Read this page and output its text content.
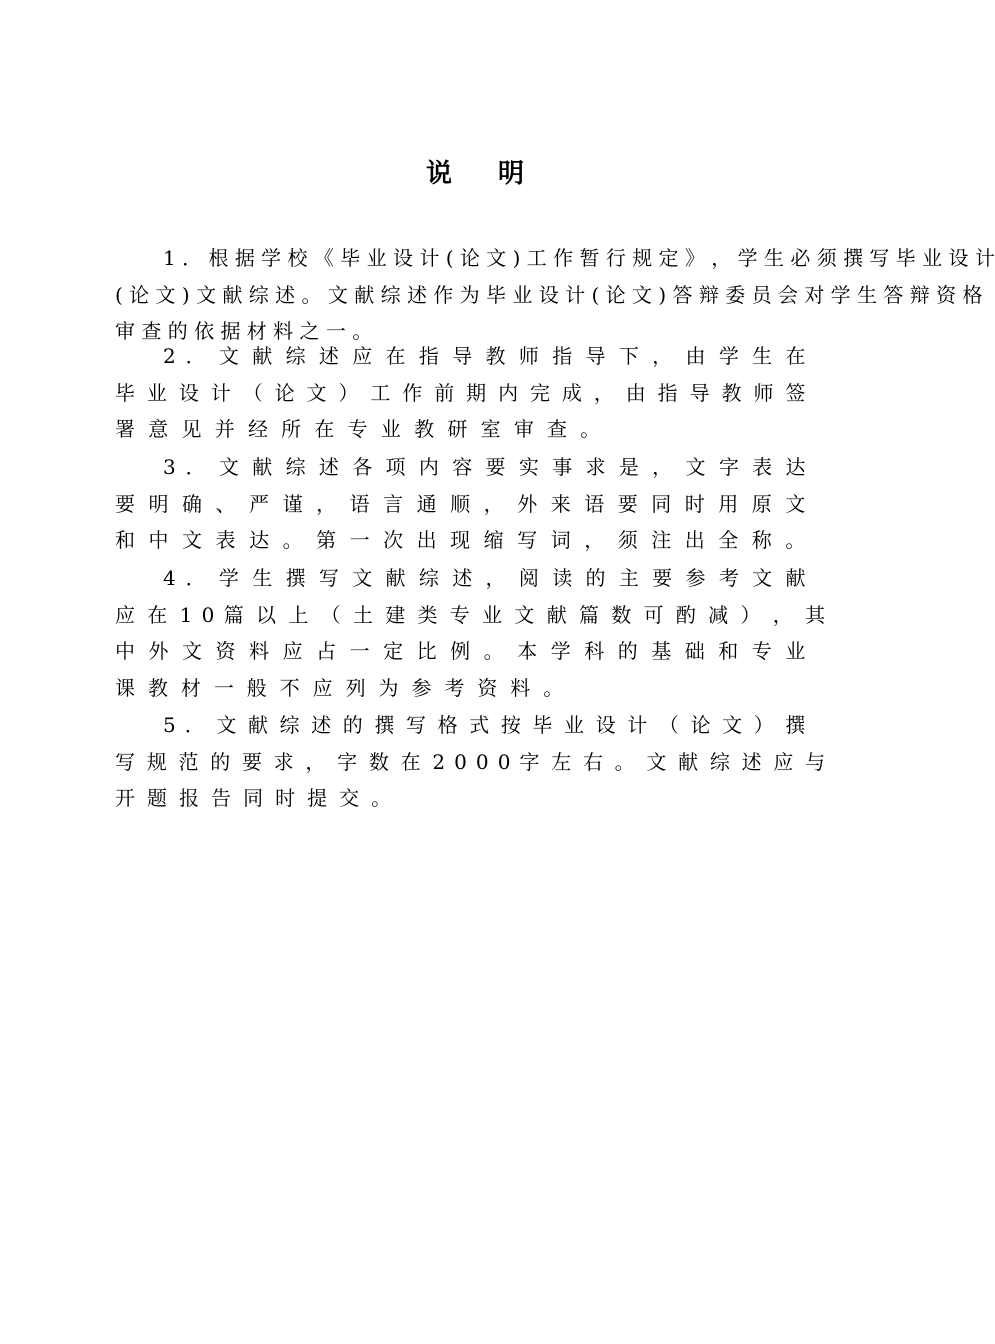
说 明
1 ． 根 据 学 校 《 毕 业 设 计 ( 论 文 ) 工 作 暂 行 规 定 》 ， 学 生 必 须 撰 写 毕 业 设 计
( 论 文 ) 文 献 综 述 。 文 献 综 述 作 为 毕 业 设 计 ( 论 文 ) 答 辩 委 员 会 对 学 生 答 辩 资 格
审 查 的 依 据 材 料 之 一 。
2 ． 文 献 综 述 应 在 指 导 教 师 指 导 下 ， 由 学 生 在
毕 业 设 计 （ 论 文 ） 工 作 前 期 内 完 成 ， 由 指 导 教 师 签
署 意 见 并 经 所 在 专 业 教 研 室 审 查 。
3 ． 文 献 综 述 各 项 内 容 要 实 事 求 是 ， 文 字 表 达
要 明 确 、 严 谨 ， 语 言 通 顺 ， 外 来 语 要 同 时 用 原 文
和 中 文 表 达 。 第 一 次 出 现 缩 写 词 ， 须 注 出 全 称 。
4 ． 学 生 撰 写 文 献 综 述 ， 阅 读 的 主 要 参 考 文 献
应 在 1 0 篇 以 上 （ 土 建 类 专 业 文 献 篇 数 可 酌 减 ） ， 其
中 外 文 资 料 应 占 一 定 比 例 。 本 学 科 的 基 础 和 专 业
课 教 材 一 般 不 应 列 为 参 考 资 料 。
5 ． 文 献 综 述 的 撰 写 格 式 按 毕 业 设 计 （ 论 文 ） 撰
写 规 范 的 要 求 ， 字 数 在 2 0 0 0 字 左 右 。 文 献 综 述 应 与
开 题 报 告 同 时 提 交 。
